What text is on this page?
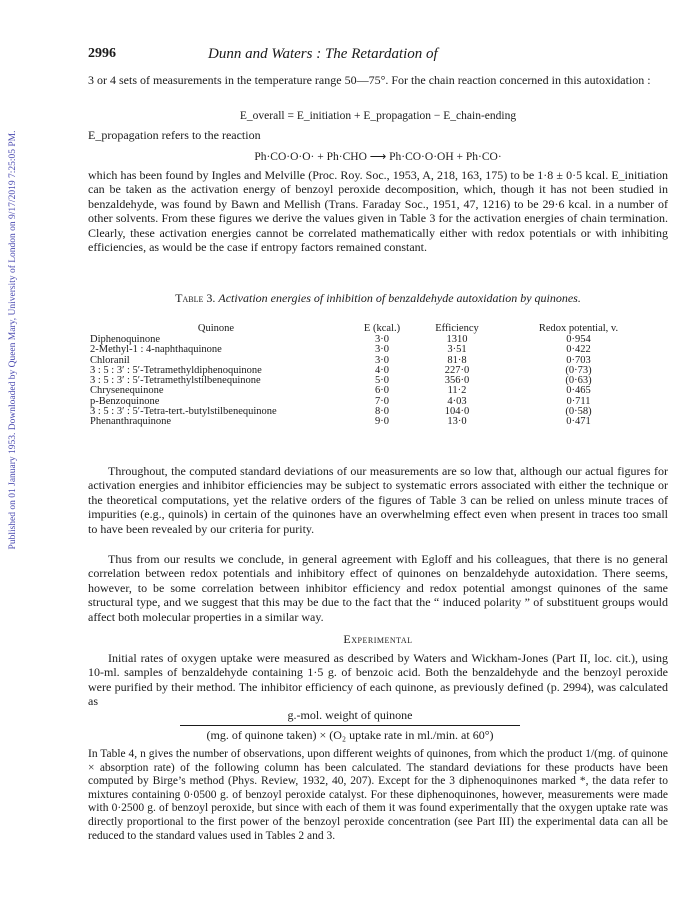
Published on 01 January 1953. Downloaded by Queen Mary, University of London on 9/17/2019 7:25:05 PM.
2996	Dunn and Waters : The Retardation of

3 or 4 sets of measurements in the temperature range 50—75°. For the chain reaction concerned in this autoxidation :

E_overall = E_initiation + E_propagation − E_chain-ending

E_propagation refers to the reaction

Ph·CO·O·O· + Ph·CHO ⟶ Ph·CO·O·OH + Ph·CO·

which has been found by Ingles and Melville (Proc. Roy. Soc., 1953, A, 218, 163, 175) to be 1·8 ± 0·5 kcal. E_initiation can be taken as the activation energy of benzoyl peroxide decomposition, which, though it has not been studied in benzaldehyde, was found by Bawn and Mellish (Trans. Faraday Soc., 1951, 47, 1216) to be 29·6 kcal. in a number of other solvents. From these figures we derive the values given in Table 3 for the activation energies of chain termination. Clearly, these activation energies cannot be correlated mathematically either with redox potentials or with inhibiting efficiencies, as would be the case if entropy factors remained constant.

Table 3. Activation energies of inhibition of benzaldehyde autoxidation by quinones.
Quinone	E (kcal.)	Efficiency	Redox potential, v.
Diphenoquinone	3·0	1310	0·954
2-Methyl-1 : 4-naphthaquinone	3·0	3·51	0·422
Chloranil	3·0	81·8	0·703
3 : 5 : 3′ : 5′-Tetramethyldiphenoquinone	4·0	227·0	(0·73)
3 : 5 : 3′ : 5′-Tetramethylstilbenequinone	5·0	356·0	(0·63)
Chrysenequinone	6·0	11·2	0·465
p-Benzoquinone	7·0	4·03	0·711
3 : 5 : 3′ : 5′-Tetra-tert.-butylstilbenequinone	8·0	104·0	(0·58)
Phenanthraquinone	9·0	13·0	0·471

Throughout, the computed standard deviations of our measurements are so low that, although our actual figures for activation energies and inhibitor efficiencies may be subject to systematic errors associated with either the technique or the theoretical computations, yet the relative orders of the figures of Table 3 can be relied on unless minute traces of impurities (e.g., quinols) in certain of the quinones have an overwhelming effect even when present in traces too small to have been revealed by our criteria for purity.

Thus from our results we conclude, in general agreement with Egloff and his colleagues, that there is no general correlation between redox potentials and inhibitory effect of quinones on benzaldehyde autoxidation. There seems, however, to be some correlation between inhibitor efficiency and redox potential amongst quinones of the same structural type, and we suggest that this may be due to the fact that the “ induced polarity ” of substituent groups would affect both molecular properties in a similar way.

Experimental

Initial rates of oxygen uptake were measured as described by Waters and Wickham-Jones (Part II, loc. cit.), using 10-ml. samples of benzaldehyde containing 1·5 g. of benzoic acid. Both the benzaldehyde and the benzoyl peroxide were purified by their method. The inhibitor efficiency of each quinone, as previously defined (p. 2994), was calculated as

g.-mol. weight of quinone
(mg. of quinone taken) × (O₂ uptake rate in ml./min. at 60°)

In Table 4, n gives the number of observations, upon different weights of quinones, from which the product 1/(mg. of quinone × absorption rate) of the following column has been calculated. The standard deviations for these products have been computed by Birge’s method (Phys. Review, 1932, 40, 207). Except for the 3 diphenoquinones marked *, the data refer to mixtures containing 0·0500 g. of benzoyl peroxide catalyst. For these diphenoquinones, however, measurements were made with 0·2500 g. of benzoyl peroxide, but since with each of them it was found experimentally that the oxygen uptake rate was directly proportional to the first power of the benzoyl peroxide concentration (see Part III) the experimental data can all be reduced to the standard values used in Tables 2 and 3.
